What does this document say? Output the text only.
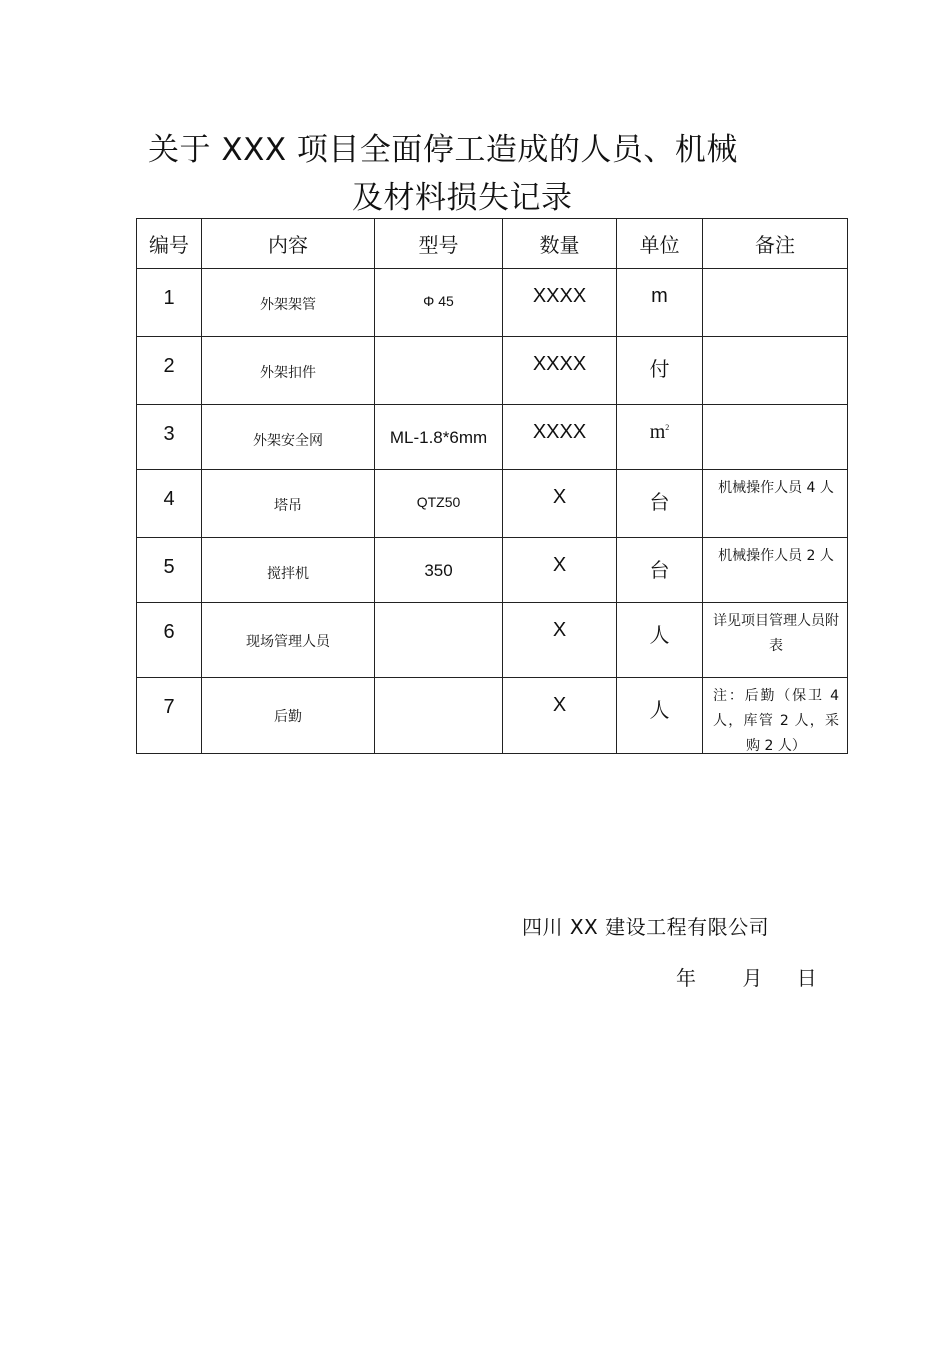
关于 XXX 项目全面停工造成的人员、机械
及材料损失记录
编号	内容	型号	数量	单位	备注

1	外架架管	Φ 45	XXXX	m	

2	外架扣件		XXXX	付	

3	外架安全网	ML-1.8*6mm	XXXX	$m^2$

4	塔吊	QTZ50	X	台	机械操作人员 4 人

5	搅拌机	350	X	台	机械操作人员 2 人

6	现场管理人员		X	人	详见项目管理人员附表

7	后勤		X	人	注：后勤（保卫 4 人，库管 2 人，采购 2 人）
四川 XX 建设工程有限公司
年 月 日
